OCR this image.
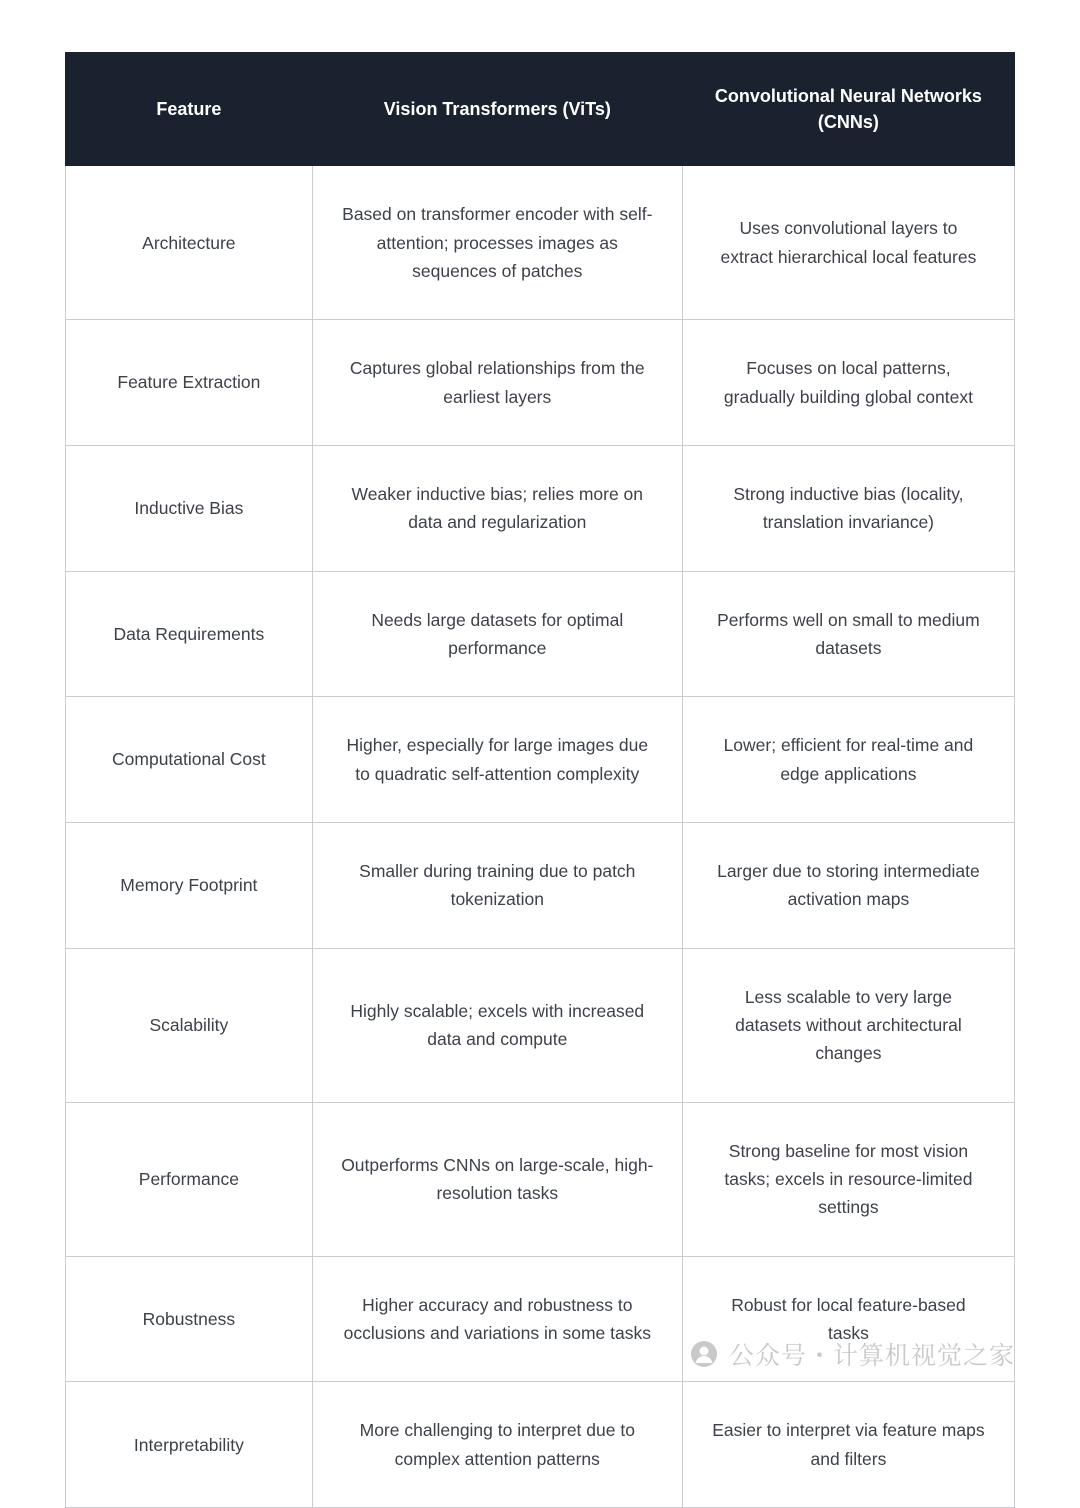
Feature	Vision Transformers (ViTs)	Convolutional Neural Networks (CNNs)
Architecture	Based on transformer encoder with self-attention; processes images as sequences of patches	Uses convolutional layers to extract hierarchical local features
Feature Extraction	Captures global relationships from the earliest layers	Focuses on local patterns, gradually building global context
Inductive Bias	Weaker inductive bias; relies more on data and regularization	Strong inductive bias (locality, translation invariance)
Data Requirements	Needs large datasets for optimal performance	Performs well on small to medium datasets
Computational Cost	Higher, especially for large images due to quadratic self-attention complexity	Lower; efficient for real-time and edge applications
Memory Footprint	Smaller during training due to patch tokenization	Larger due to storing intermediate activation maps
Scalability	Highly scalable; excels with increased data and compute	Less scalable to very large datasets without architectural changes
Performance	Outperforms CNNs on large-scale, high-resolution tasks	Strong baseline for most vision tasks; excels in resource-limited settings
Robustness	Higher accuracy and robustness to occlusions and variations in some tasks	Robust for local feature-based tasks
Interpretability	More challenging to interpret due to complex attention patterns	Easier to interpret via feature maps and filters
公众号・计算机视觉之家
